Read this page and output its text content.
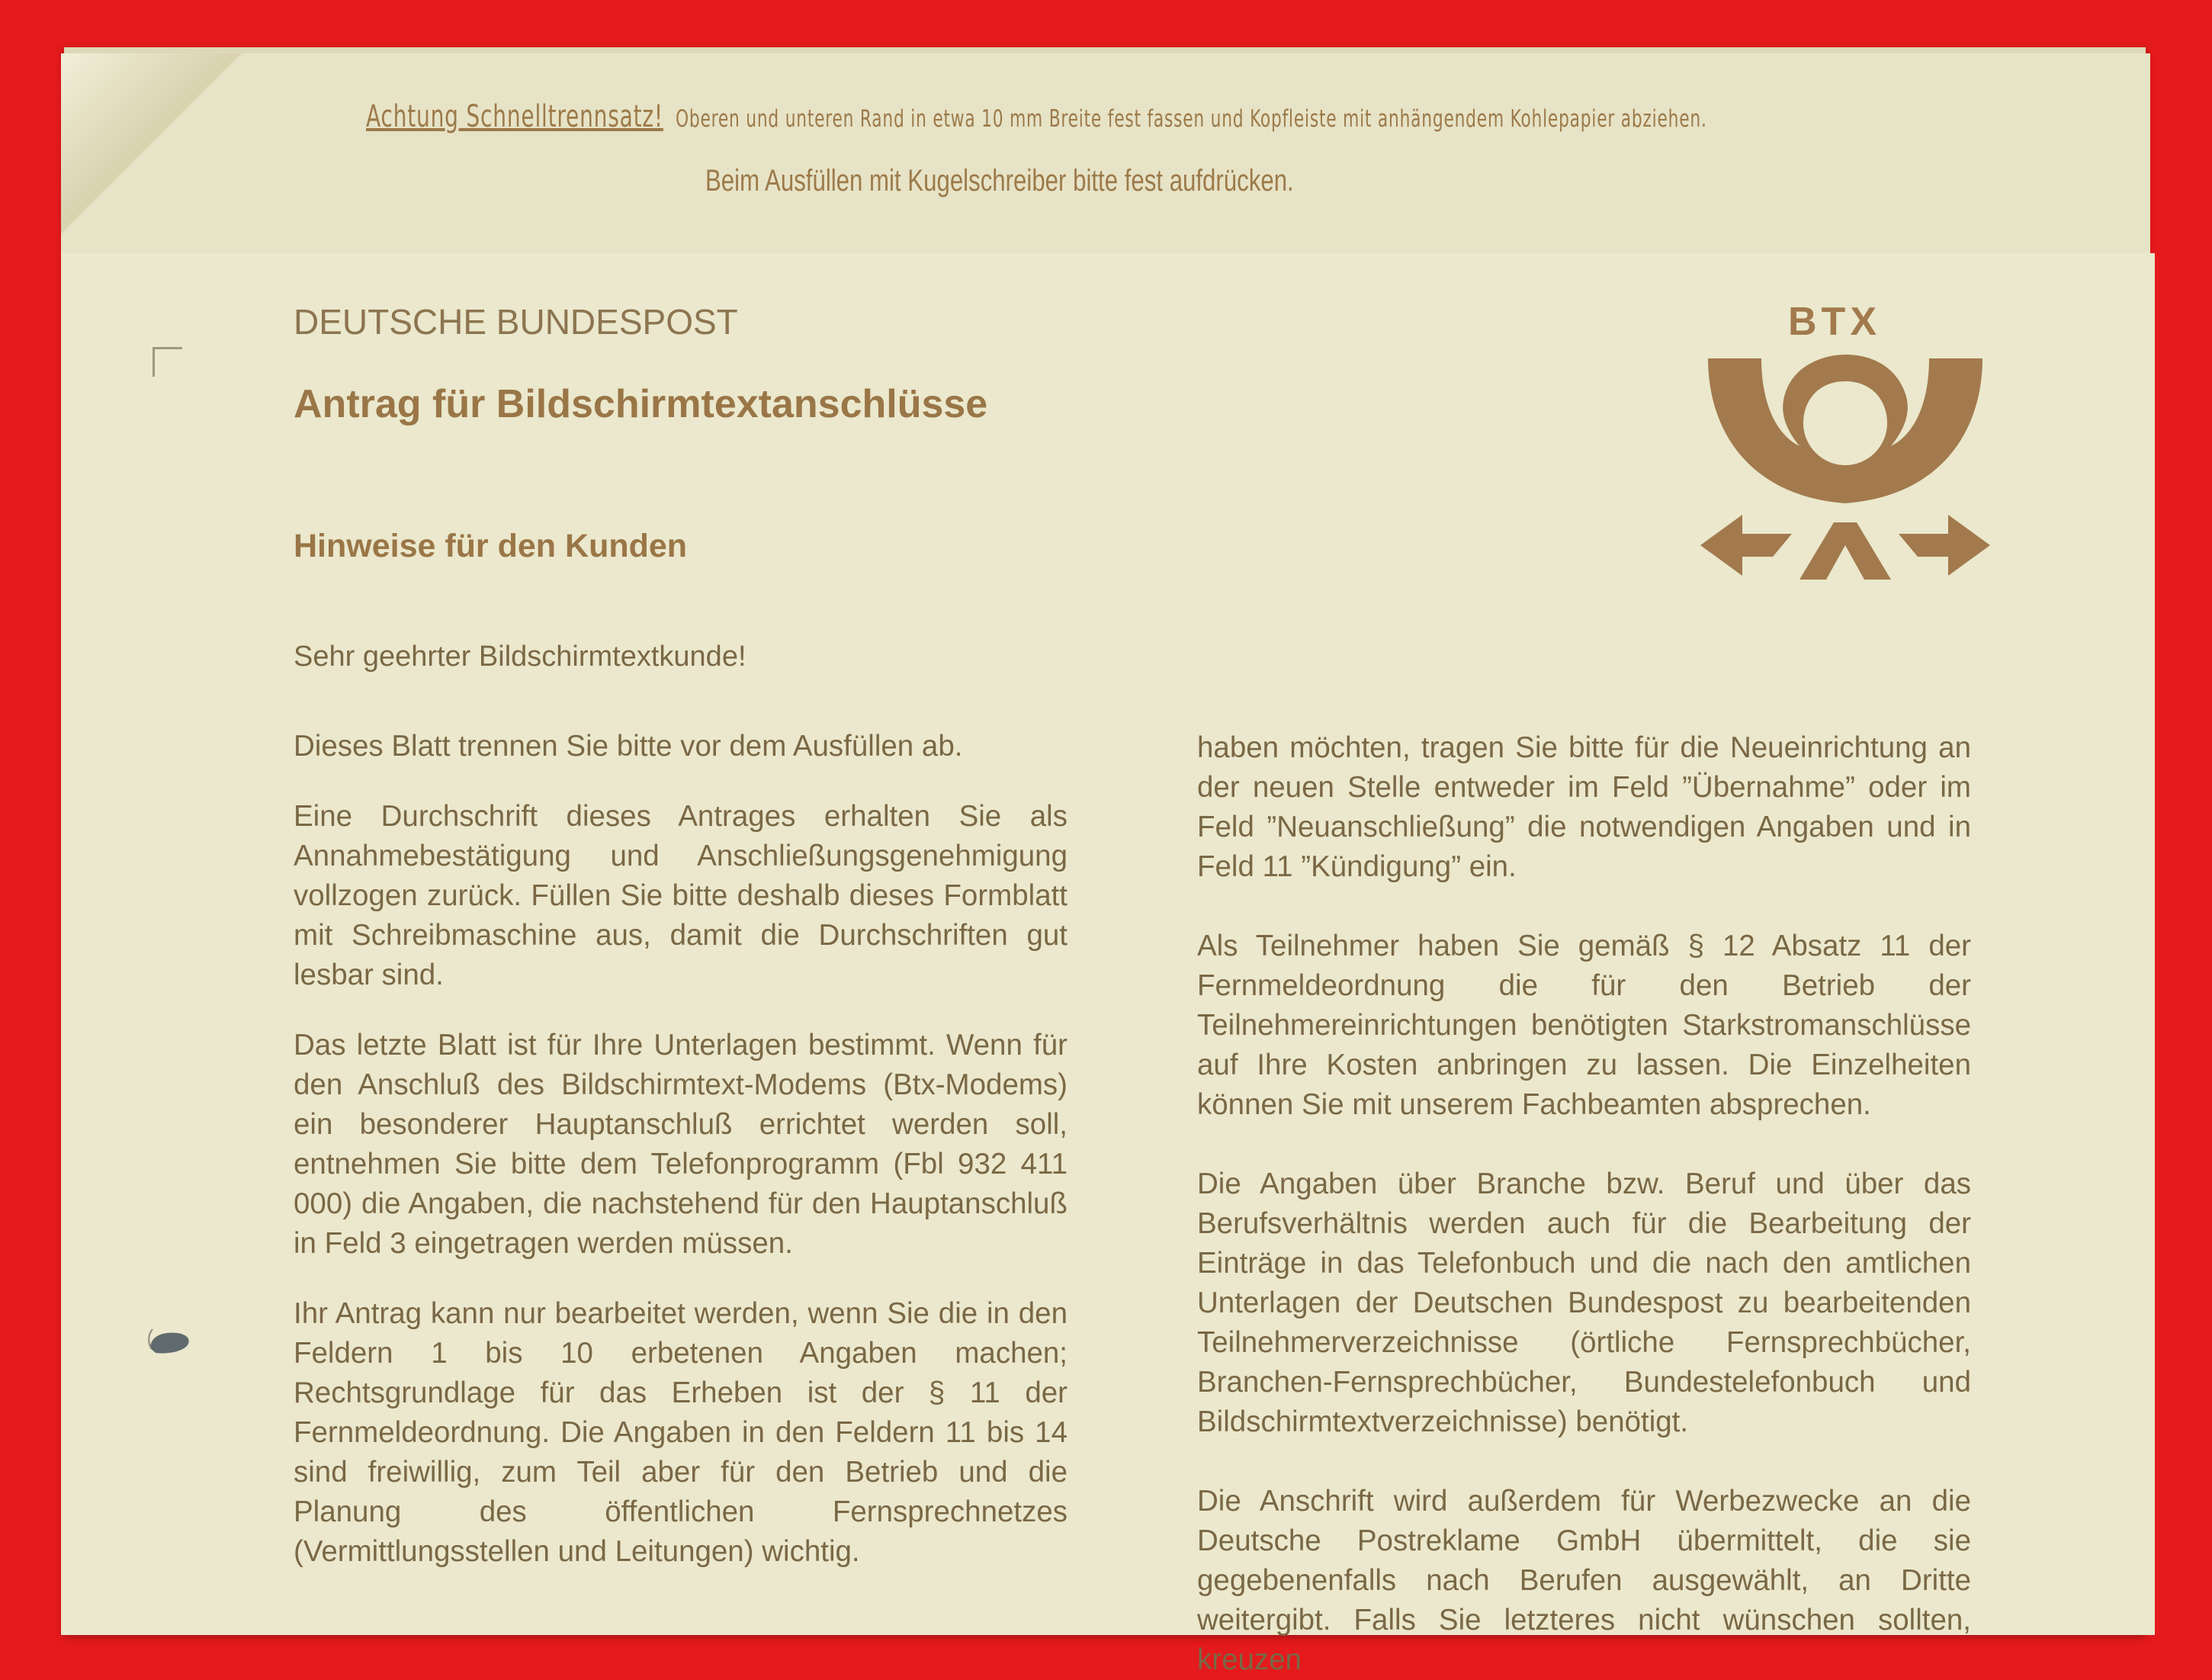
Achtung Schnelltrennsatz! Oberen und unteren Rand in etwa 10 mm Breite fest fassen und Kopfleiste mit anhängendem Kohlepapier abziehen.
Beim Ausfüllen mit Kugelschreiber bitte fest aufdrücken.
DEUTSCHE BUNDESPOST
Antrag für Bildschirmtextanschlüsse
Hinweise für den Kunden
Sehr geehrter Bildschirmtextkunde!

Dieses Blatt trennen Sie bitte vor dem Ausfüllen ab.

Eine Durchschrift dieses Antrages erhalten Sie als Annahmebestätigung und Anschließungsgenehmigung vollzogen zurück. Füllen Sie bitte deshalb dieses Formblatt mit Schreibmaschine aus, damit die Durchschriften gut lesbar sind.

Das letzte Blatt ist für Ihre Unterlagen bestimmt. Wenn für den Anschluß des Bildschirmtext-Modems (Btx-Modems) ein besonderer Hauptanschluß errichtet werden soll, entnehmen Sie bitte dem Telefonprogramm (Fbl 932 411 000) die Angaben, die nachstehend für den Hauptanschluß in Feld 3 eingetragen werden müssen.

Ihr Antrag kann nur bearbeitet werden, wenn Sie die in den Feldern 1 bis 10 erbetenen Angaben machen; Rechtsgrundlage für das Erheben ist der § 11 der Fernmeldeordnung. Die Angaben in den Feldern 11 bis 14 sind freiwillig, zum Teil aber für den Betrieb und die Planung des öffentlichen Fernsprechnetzes (Vermittlungsstellen und Leitungen) wichtig.

haben möchten, tragen Sie bitte für die Neueinrichtung an der neuen Stelle entweder im Feld ”Übernahme” oder im Feld ”Neuanschließung” die notwendigen Angaben und in Feld 11 ”Kündigung” ein.

Als Teilnehmer haben Sie gemäß § 12 Absatz 11 der Fernmeldeordnung die für den Betrieb der Teilnehmereinrichtungen benötigten Starkstromanschlüsse auf Ihre Kosten anbringen zu lassen. Die Einzelheiten können Sie mit unserem Fachbeamten absprechen.

Die Angaben über Branche bzw. Beruf und über das Berufsverhältnis werden auch für die Bearbeitung der Einträge in das Telefonbuch und die nach den amtlichen Unterlagen der Deutschen Bundespost zu bearbeitenden Teilnehmerverzeichnisse (örtliche Fernsprechbücher, Branchen-Fernsprechbücher, Bundestelefonbuch und Bildschirmtextverzeichnisse) benötigt.

Die Anschrift wird außerdem für Werbezwecke an die Deutsche Postreklame GmbH übermittelt, die sie gegebenenfalls nach Berufen ausgewählt, an Dritte weitergibt. Falls Sie letzteres nicht wünschen sollten, kreuzen

BTX
